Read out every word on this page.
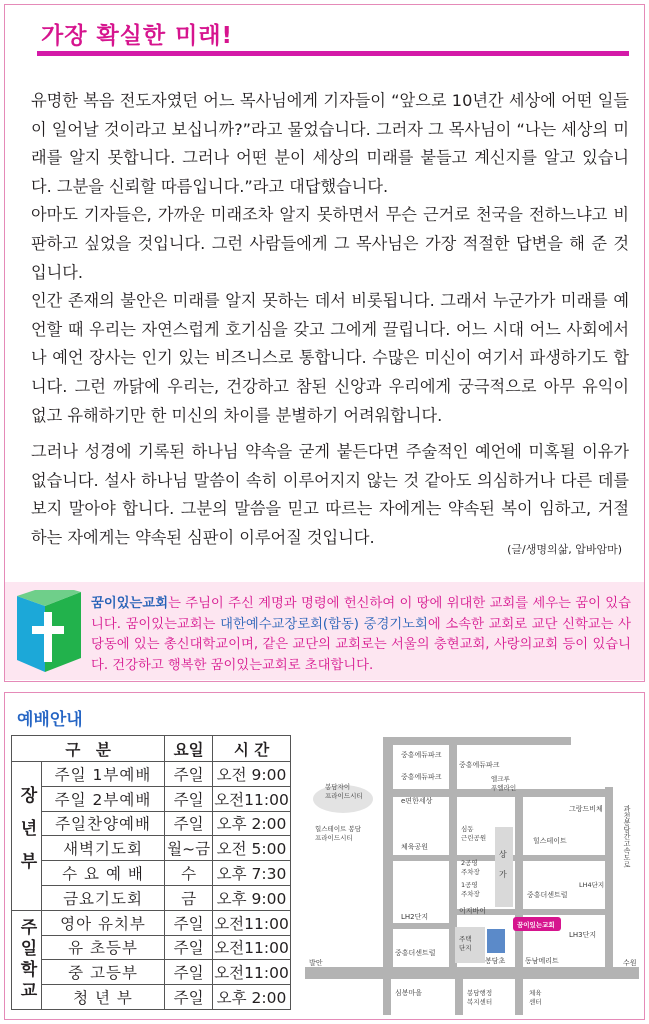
가장 확실한 미래!

유명한 복음 전도자였던 어느 목사님에게 기자들이 “앞으로 10년간 세상에 어떤 일들이 일어날 것이라고 보십니까?”라고 물었습니다. 그러자 그 목사님이 “나는 세상의 미래를 알지 못합니다. 그러나 어떤 분이 세상의 미래를 붙들고 계신지를 알고 있습니다. 그분을 신뢰할 따름입니다.”라고 대답했습니다.

아마도 기자들은, 가까운 미래조차 알지 못하면서 무슨 근거로 천국을 전하느냐고 비판하고 싶었을 것입니다. 그런 사람들에게 그 목사님은 가장 적절한 답변을 해 준 것입니다.

인간 존재의 불안은 미래를 알지 못하는 데서 비롯됩니다. 그래서 누군가가 미래를 예언할 때 우리는 자연스럽게 호기심을 갖고 그에게 끌립니다. 어느 시대 어느 사회에서나 예언 장사는 인기 있는 비즈니스로 통합니다. 수많은 미신이 여기서 파생하기도 합니다. 그런 까닭에 우리는, 건강하고 참된 신앙과 우리에게 궁극적으로 아무 유익이 없고 유해하기만 한 미신의 차이를 분별하기 어려워합니다.

그러나 성경에 기록된 하나님 약속을 굳게 붙든다면 주술적인 예언에 미혹될 이유가 없습니다. 설사 하나님 말씀이 속히 이루어지지 않는 것 같아도 의심하거나 다른 데를 보지 말아야 합니다. 그분의 말씀을 믿고 따르는 자에게는 약속된 복이 임하고, 거절하는 자에게는 약속된 심판이 이루어질 것입니다.

(글/생명의삶, 압바암마)
꿈이있는교회는 주님이 주신 계명과 명령에 헌신하여 이 땅에 위대한 교회를 세우는 꿈이 있습니다. 꿈이있는교회는 대한예수교장로회(합동) 중경기노회에 소속한 교회로 교단 신학교는 사당동에 있는 총신대학교이며, 같은 교단의 교회로는 서울의 충현교회, 사랑의교회 등이 있습니다. 건강하고 행복한 꿈이있는교회로 초대합니다.
예배안내
구　분		요일	시 간
장년부	주일 1부예배	주일	오전 9:00
	주일 2부예배	주일	오전11:00
	주일찬양예배	주일	오후 2:00
	새벽기도회	월~금	오전 5:00
	수 요 예 배	수	오후 7:30
	금요기도회	금	오후 9:00
주일학교	영아 유치부	주일	오전11:00
	유 초등부	주일	오전11:00
	중 고등부	주일	오전11:00
	청 년 부	주일	오후 2:00
중흥에듀파크
중흥에듀파크
봉담자이
프라이드시티
중흥에듀파크	엘크루
푸엘라인
e편한세상
그랑드비체
힐스테이트 봉담
프라이드시티
심동
근린공원
체육공원
2공영
주차장
1공영
주차장
이지바이
상
가
힐스테이트
중흥더센트럴
LH4단지
LH2단지
주택
단지
꿈이있는교회
LH3단지
중흥더센트럴
봉담초	동남메리트
발안	수원
심봉마을	봉담행정
복지센터
체육
센터
과천봉담간고속도로
